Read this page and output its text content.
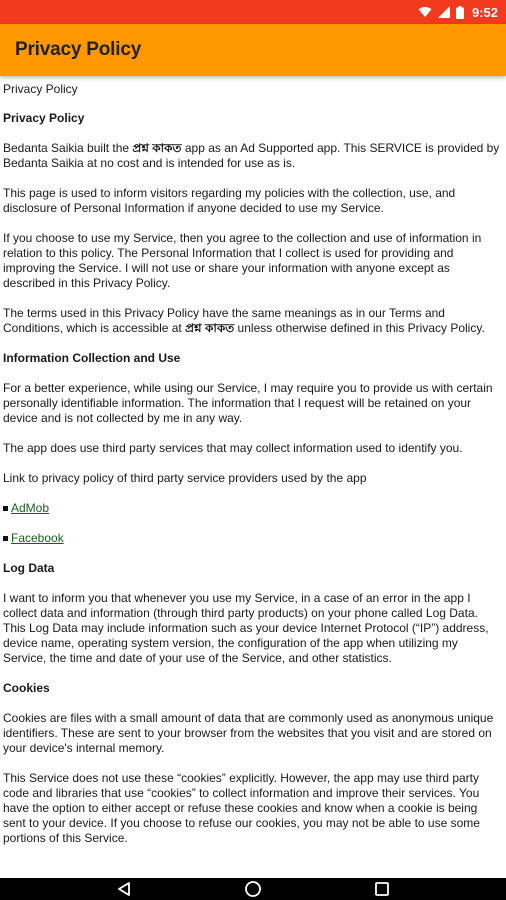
9:52
Privacy Policy

Privacy Policy

Privacy Policy

Bedanta Saikia built the প্ৰশ্ন কাকত app as an Ad Supported app. This SERVICE is provided by Bedanta Saikia at no cost and is intended for use as is.

This page is used to inform visitors regarding my policies with the collection, use, and disclosure of Personal Information if anyone decided to use my Service.

If you choose to use my Service, then you agree to the collection and use of information in relation to this policy. The Personal Information that I collect is used for providing and improving the Service. I will not use or share your information with anyone except as described in this Privacy Policy.

The terms used in this Privacy Policy have the same meanings as in our Terms and Conditions, which is accessible at প্ৰশ্ন কাকত unless otherwise defined in this Privacy Policy.

Information Collection and Use

For a better experience, while using our Service, I may require you to provide us with certain personally identifiable information. The information that I request will be retained on your device and is not collected by me in any way.

The app does use third party services that may collect information used to identify you.

Link to privacy policy of third party service providers used by the app

AdMob
Facebook
Log Data

I want to inform you that whenever you use my Service, in a case of an error in the app I collect data and information (through third party products) on your phone called Log Data. This Log Data may include information such as your device Internet Protocol (“IP”) address, device name, operating system version, the configuration of the app when utilizing my Service, the time and date of your use of the Service, and other statistics.

Cookies

Cookies are files with a small amount of data that are commonly used as anonymous unique identifiers. These are sent to your browser from the websites that you visit and are stored on your device's internal memory.

This Service does not use these “cookies” explicitly. However, the app may use third party code and libraries that use “cookies” to collect information and improve their services. You have the option to either accept or refuse these cookies and know when a cookie is being sent to your device. If you choose to refuse our cookies, you may not be able to use some portions of this Service.
